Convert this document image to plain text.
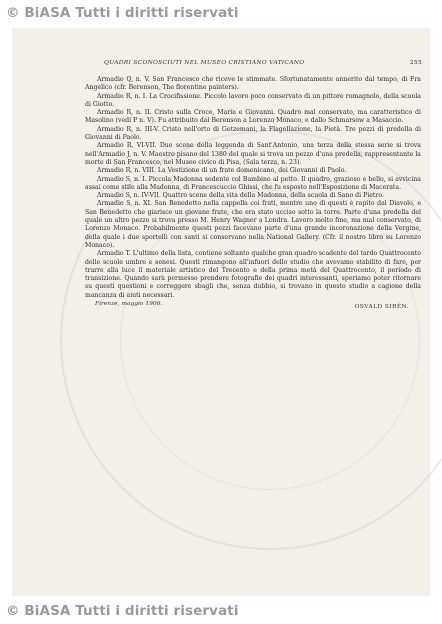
© BiASA Tutti i diritti riservati
QUADRI SCONOSCIUTI NEL MUSEO CRISTIANO VATICANO	255

Armadio Q, n. V. San Francesco che riceve le stimmate. Sfortunatamente annerito dal tempo, di Fra Angelico (cfr. Berenson, The florentine painters).

Armadio R, n. I. La Crocifissione. Piccolo lavoro poco conservato di un pittore romagnolo, della scuola di Giotto.

Armadio R, n. II. Cristo sulla Croce, Maria e Giovanni. Quadro mal conservato, ma caratteristico di Masolino (vedi P n. V). Fu attribuito dal Berenson a Lorenzo Monaco, e dallo Schmarsow a Masaccio.

Armadio R, n. III-V. Cristo nell'orto di Getzemani, la Flagellazione, la Pietà. Tre pezzi di predella di Giovanni di Paolo.

Armadio R, VI-VII. Due scene della leggenda di Sant'Antonio, una terza della stessa serie si trova nell'Armadio J, n. V. Maestro pisano del 1380 del quale si trova un pezzo d'una predella, rappresentante la morte di San Francesco, nel Museo civico di Pisa, (Sala terza, n. 23).

Armadio R, n. VIII. La Vestizione di un frate domenicano, dei Giovanni di Paolo.

Armadio S, n. I. Piccola Madonna sedente col Bambino al petto. Il quadro, grazioso e bello, si avvicina assai come stile alla Madonna, di Francescuccio Ghissi, che fu esposto nell'Esposizione di Macerata.

Armadio S, n. IV-VII. Quattro scene della vita della Madonna, della scuola di Sano di Pietro.

Armadio S, n. XI. San Benedetto nella cappella coi frati, mentre uno di questi è rapito dal Diavolo, e San Benedetto che giarisce un giovane frate, che era stato ucciso sotto la torre. Parte d'una predella del quale un altro pezzo si trova presso M. Henry Wagner a Londra. Lavoro molto fine, ma mal conservato, di Lorenzo Monaco. Probabilmente questi pezzi facevano parte d'una grande incoronazione della Vergine, della quale i due sportelli con santi si conservano nella National Gallery. (Cfr. il nostro libro su Lorenzo Monaco).

Armadio T. L'ultimo della lista, contiene soltanto qualche gran quadro scadente del tardo Quattrocento delle scuole umbre e senesi. Questi rimangono all'infuori dello studio che avevamo stabilito di fare, per trarre alla luce il materiale artistico del Trecento e della prima metà del Quattrocento, il periodo di transizione. Quando sarà permesso prendere fotografie dei quadri interessanti, speriamo poter ritornare su questi questioni e correggere sbagli che, senza dubbio, si trovano in questo studio a cagione della mancanza di aiuti necessari.

Firenze, maggio 1906.	OSVALD SIRÉN.
© BiASA Tutti i diritti riservati
